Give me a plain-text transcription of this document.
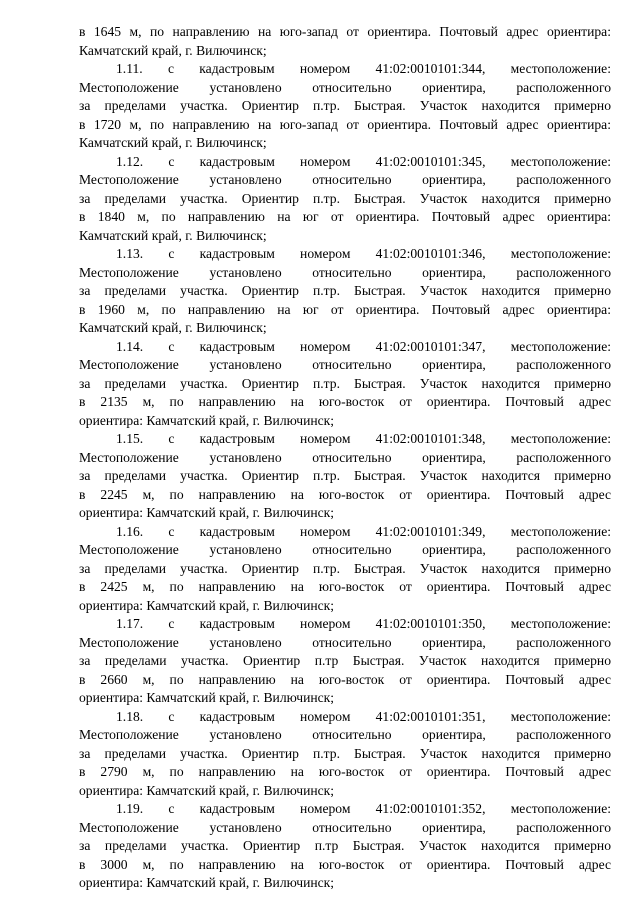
в 1645 м, по направлению на юго-запад от ориентира. Почтовый адрес ориентира:
Камчатский край, г. Вилючинск;
1.11. с кадастровым номером 41:02:0010101:344, местоположение:
Местоположение установлено относительно ориентира, расположенного
за пределами участка. Ориентир п.тр. Быстрая. Участок находится примерно
в 1720 м, по направлению на юго-запад от ориентира. Почтовый адрес ориентира:
Камчатский край, г. Вилючинск;
1.12. с кадастровым номером 41:02:0010101:345, местоположение:
Местоположение установлено относительно ориентира, расположенного
за пределами участка. Ориентир п.тр. Быстрая. Участок находится примерно
в 1840 м, по направлению на юг от ориентира. Почтовый адрес ориентира:
Камчатский край, г. Вилючинск;
1.13. с кадастровым номером 41:02:0010101:346, местоположение:
Местоположение установлено относительно ориентира, расположенного
за пределами участка. Ориентир п.тр. Быстрая. Участок находится примерно
в 1960 м, по направлению на юг от ориентира. Почтовый адрес ориентира:
Камчатский край, г. Вилючинск;
1.14. с кадастровым номером 41:02:0010101:347, местоположение:
Местоположение установлено относительно ориентира, расположенного
за пределами участка. Ориентир п.тр. Быстрая. Участок находится примерно
в 2135 м, по направлению на юго-восток от ориентира. Почтовый адрес
ориентира: Камчатский край, г. Вилючинск;
1.15. с кадастровым номером 41:02:0010101:348, местоположение:
Местоположение установлено относительно ориентира, расположенного
за пределами участка. Ориентир п.тр. Быстрая. Участок находится примерно
в 2245 м, по направлению на юго-восток от ориентира. Почтовый адрес
ориентира: Камчатский край, г. Вилючинск;
1.16. с кадастровым номером 41:02:0010101:349, местоположение:
Местоположение установлено относительно ориентира, расположенного
за пределами участка. Ориентир п.тр. Быстрая. Участок находится примерно
в 2425 м, по направлению на юго-восток от ориентира. Почтовый адрес
ориентира: Камчатский край, г. Вилючинск;
1.17. с кадастровым номером 41:02:0010101:350, местоположение:
Местоположение установлено относительно ориентира, расположенного
за пределами участка. Ориентир п.тр Быстрая. Участок находится примерно
в 2660 м, по направлению на юго-восток от ориентира. Почтовый адрес
ориентира: Камчатский край, г. Вилючинск;
1.18. с кадастровым номером 41:02:0010101:351, местоположение:
Местоположение установлено относительно ориентира, расположенного
за пределами участка. Ориентир п.тр. Быстрая. Участок находится примерно
в 2790 м, по направлению на юго-восток от ориентира. Почтовый адрес
ориентира: Камчатский край, г. Вилючинск;
1.19. с кадастровым номером 41:02:0010101:352, местоположение:
Местоположение установлено относительно ориентира, расположенного
за пределами участка. Ориентир п.тр Быстрая. Участок находится примерно
в 3000 м, по направлению на юго-восток от ориентира. Почтовый адрес
ориентира: Камчатский край, г. Вилючинск;
